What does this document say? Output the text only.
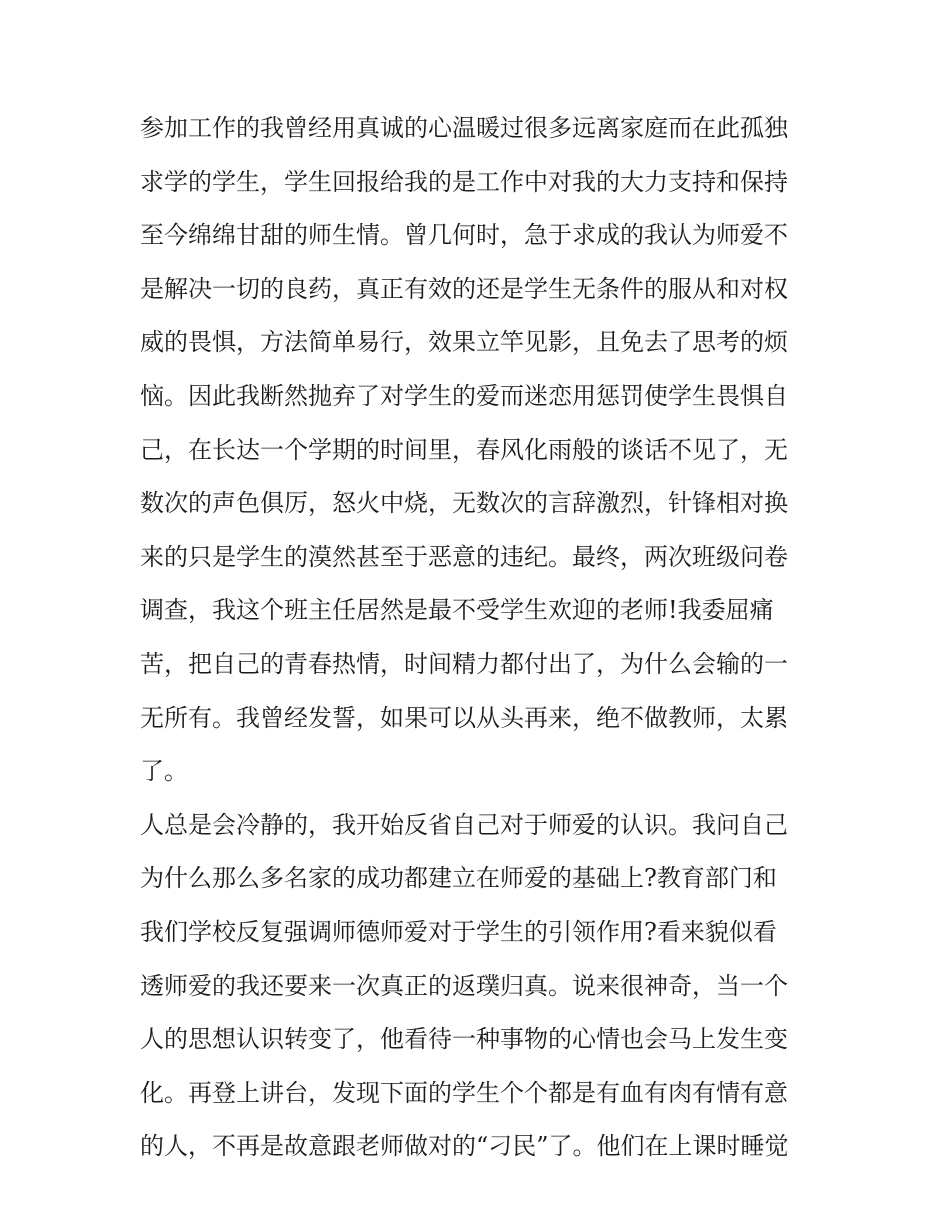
参加工作的我曾经用真诚的心温暖过很多远离家庭而在此孤独
求学的学生，学生回报给我的是工作中对我的大力支持和保持
至今绵绵甘甜的师生情。曾几何时，急于求成的我认为师爱不
是解决一切的良药，真正有效的还是学生无条件的服从和对权
威的畏惧，方法简单易行，效果立竿见影，且免去了思考的烦
恼。因此我断然抛弃了对学生的爱而迷恋用惩罚使学生畏惧自
己，在长达一个学期的时间里，春风化雨般的谈话不见了，无
数次的声色俱厉，怒火中烧，无数次的言辞激烈，针锋相对换
来的只是学生的漠然甚至于恶意的违纪。最终，两次班级问卷
调查，我这个班主任居然是最不受学生欢迎的老师!我委屈痛
苦，把自己的青春热情，时间精力都付出了，为什么会输的一
无所有。我曾经发誓，如果可以从头再来，绝不做教师，太累
了。
人总是会冷静的，我开始反省自己对于师爱的认识。我问自己
为什么那么多名家的成功都建立在师爱的基础上?教育部门和
我们学校反复强调师德师爱对于学生的引领作用?看来貌似看
透师爱的我还要来一次真正的返璞归真。说来很神奇，当一个
人的思想认识转变了，他看待一种事物的心情也会马上发生变
化。再登上讲台，发现下面的学生个个都是有血有肉有情有意
的人，不再是故意跟老师做对的“刁民”了。他们在上课时睡觉
